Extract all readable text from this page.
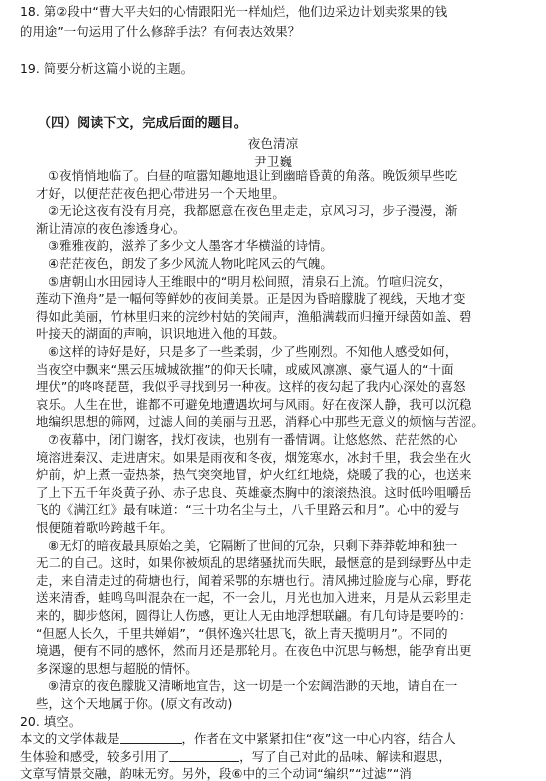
18. 第②段中“曹大平夫妇的心情跟阳光一样灿烂，他们边采边计划卖浆果的钱
的用途”一句运用了什么修辞手法？有何表达效果？
19. 简要分析这篇小说的主题。
（四）阅读下文，完成后面的题目。
夜色清凉
尹卫巍
①夜悄悄地临了。白昼的喧嚣知趣地退让到幽暗昏黄的角落。晚饭须早些吃
才好，以便茫茫夜色把心带进另一个天地里。
②无论这夜有没有月亮，我都愿意在夜色里走走，京风习习，步子漫漫，渐
渐让清凉的夜色渗透身心。
③雅雅夜韵，滋养了多少文人墨客才华横溢的诗情。
④茫茫夜色，朗发了多少风流人物叱咤风云的气魄。
⑤唐朝山水田园诗人王维眼中的“明月松间照，清泉石上流。竹喧归浣女，
莲动下渔舟”是一幅何等鲜妙的夜间美景。正是因为昏暗朦胧了视线，天地才变
得如此美丽，竹林里归来的浣纱村姑的笑闹声，渔船满载而归撞开绿茵如盖、碧
叶接天的湖面的声响，识识地进入他的耳鼓。
⑥这样的诗好是好，只是多了一些柔弱，少了些刚烈。不知他人感受如何，
当夜空中飘来“黑云压城城欲摧”的仰天长啸，或威风凛凛、豪气逼人的“十面
埋伏”的咚咚琵琶，我似乎寻找到另一种夜。这样的夜勾起了我内心深处的喜怒
哀乐。人生在世，谁都不可避免地遭遇坎坷与风雨。好在夜深人静，我可以沉稳
地编织思想的筛网，过滤人间的美丽与丑恶，消释心中那些无意义的烦恼与苦涩。
⑦夜幕中，闭门谢客，找灯夜读，也别有一番情调。让悠悠然、茫茫然的心
境溶进秦汉、走进唐宋。如果是雨夜和冬夜，烟笼寒水，冰封千里，我会坐在火
炉前，炉上煮一壶热茶，热气突突地冒，炉火红红地烧，烧暖了我的心，也送来
了上下五千年炎黄子孙、赤子忠良、英雄豪杰胸中的滚滚热浪。这时低吟咀嚼岳
飞的《满江红》最有味道：“三十功名尘与土，八千里路云和月”。心中的爱与
恨便随着歌吟跨越千年。
⑧无灯的暗夜最具原始之美，它隔断了世间的冗杂，只剩下莽莽乾坤和独一
无二的自己。这时，如果你被烦乱的思绪骚扰而失眠，最惬意的是到绿野丛中走
走，来自清走过的荷塘也行，闻着采鄂的东塘也行。清风拂过脸庞与心扉，野花
送来清香，蛙鸣鸟叫混杂在一起，不一会儿，月光也加入进来，月是从云彩里走
来的，脚步悠闲，圆得让人伤感，更让人无由地浮想联翩。有几句诗是要吟的：
“但愿人长久，千里共婵娟”，“俱怀逸兴壮思飞，欲上青天揽明月”。不同的
境遇，便有不同的感怀，然而月还是那轮月。在夜色中沉思与畅想，能孕育出更
多深邃的思想与超脱的情怀。
⑨清京的夜色朦胧又清晰地宣告，这一切是一个宏阔浩渺的天地，请自在一
些，这个天地属于你。(原文有改动)
20. 填空。
本文的文学体裁是	，作者在文中紧紧扣住“夜”这一中心内容，结合人
生体验和感受，较多引用了	，写了自己对此的品味、解读和遐思，
文章写情景交融，韵味无穷。另外，段⑥中的三个动词“编织”“过滤”“消
